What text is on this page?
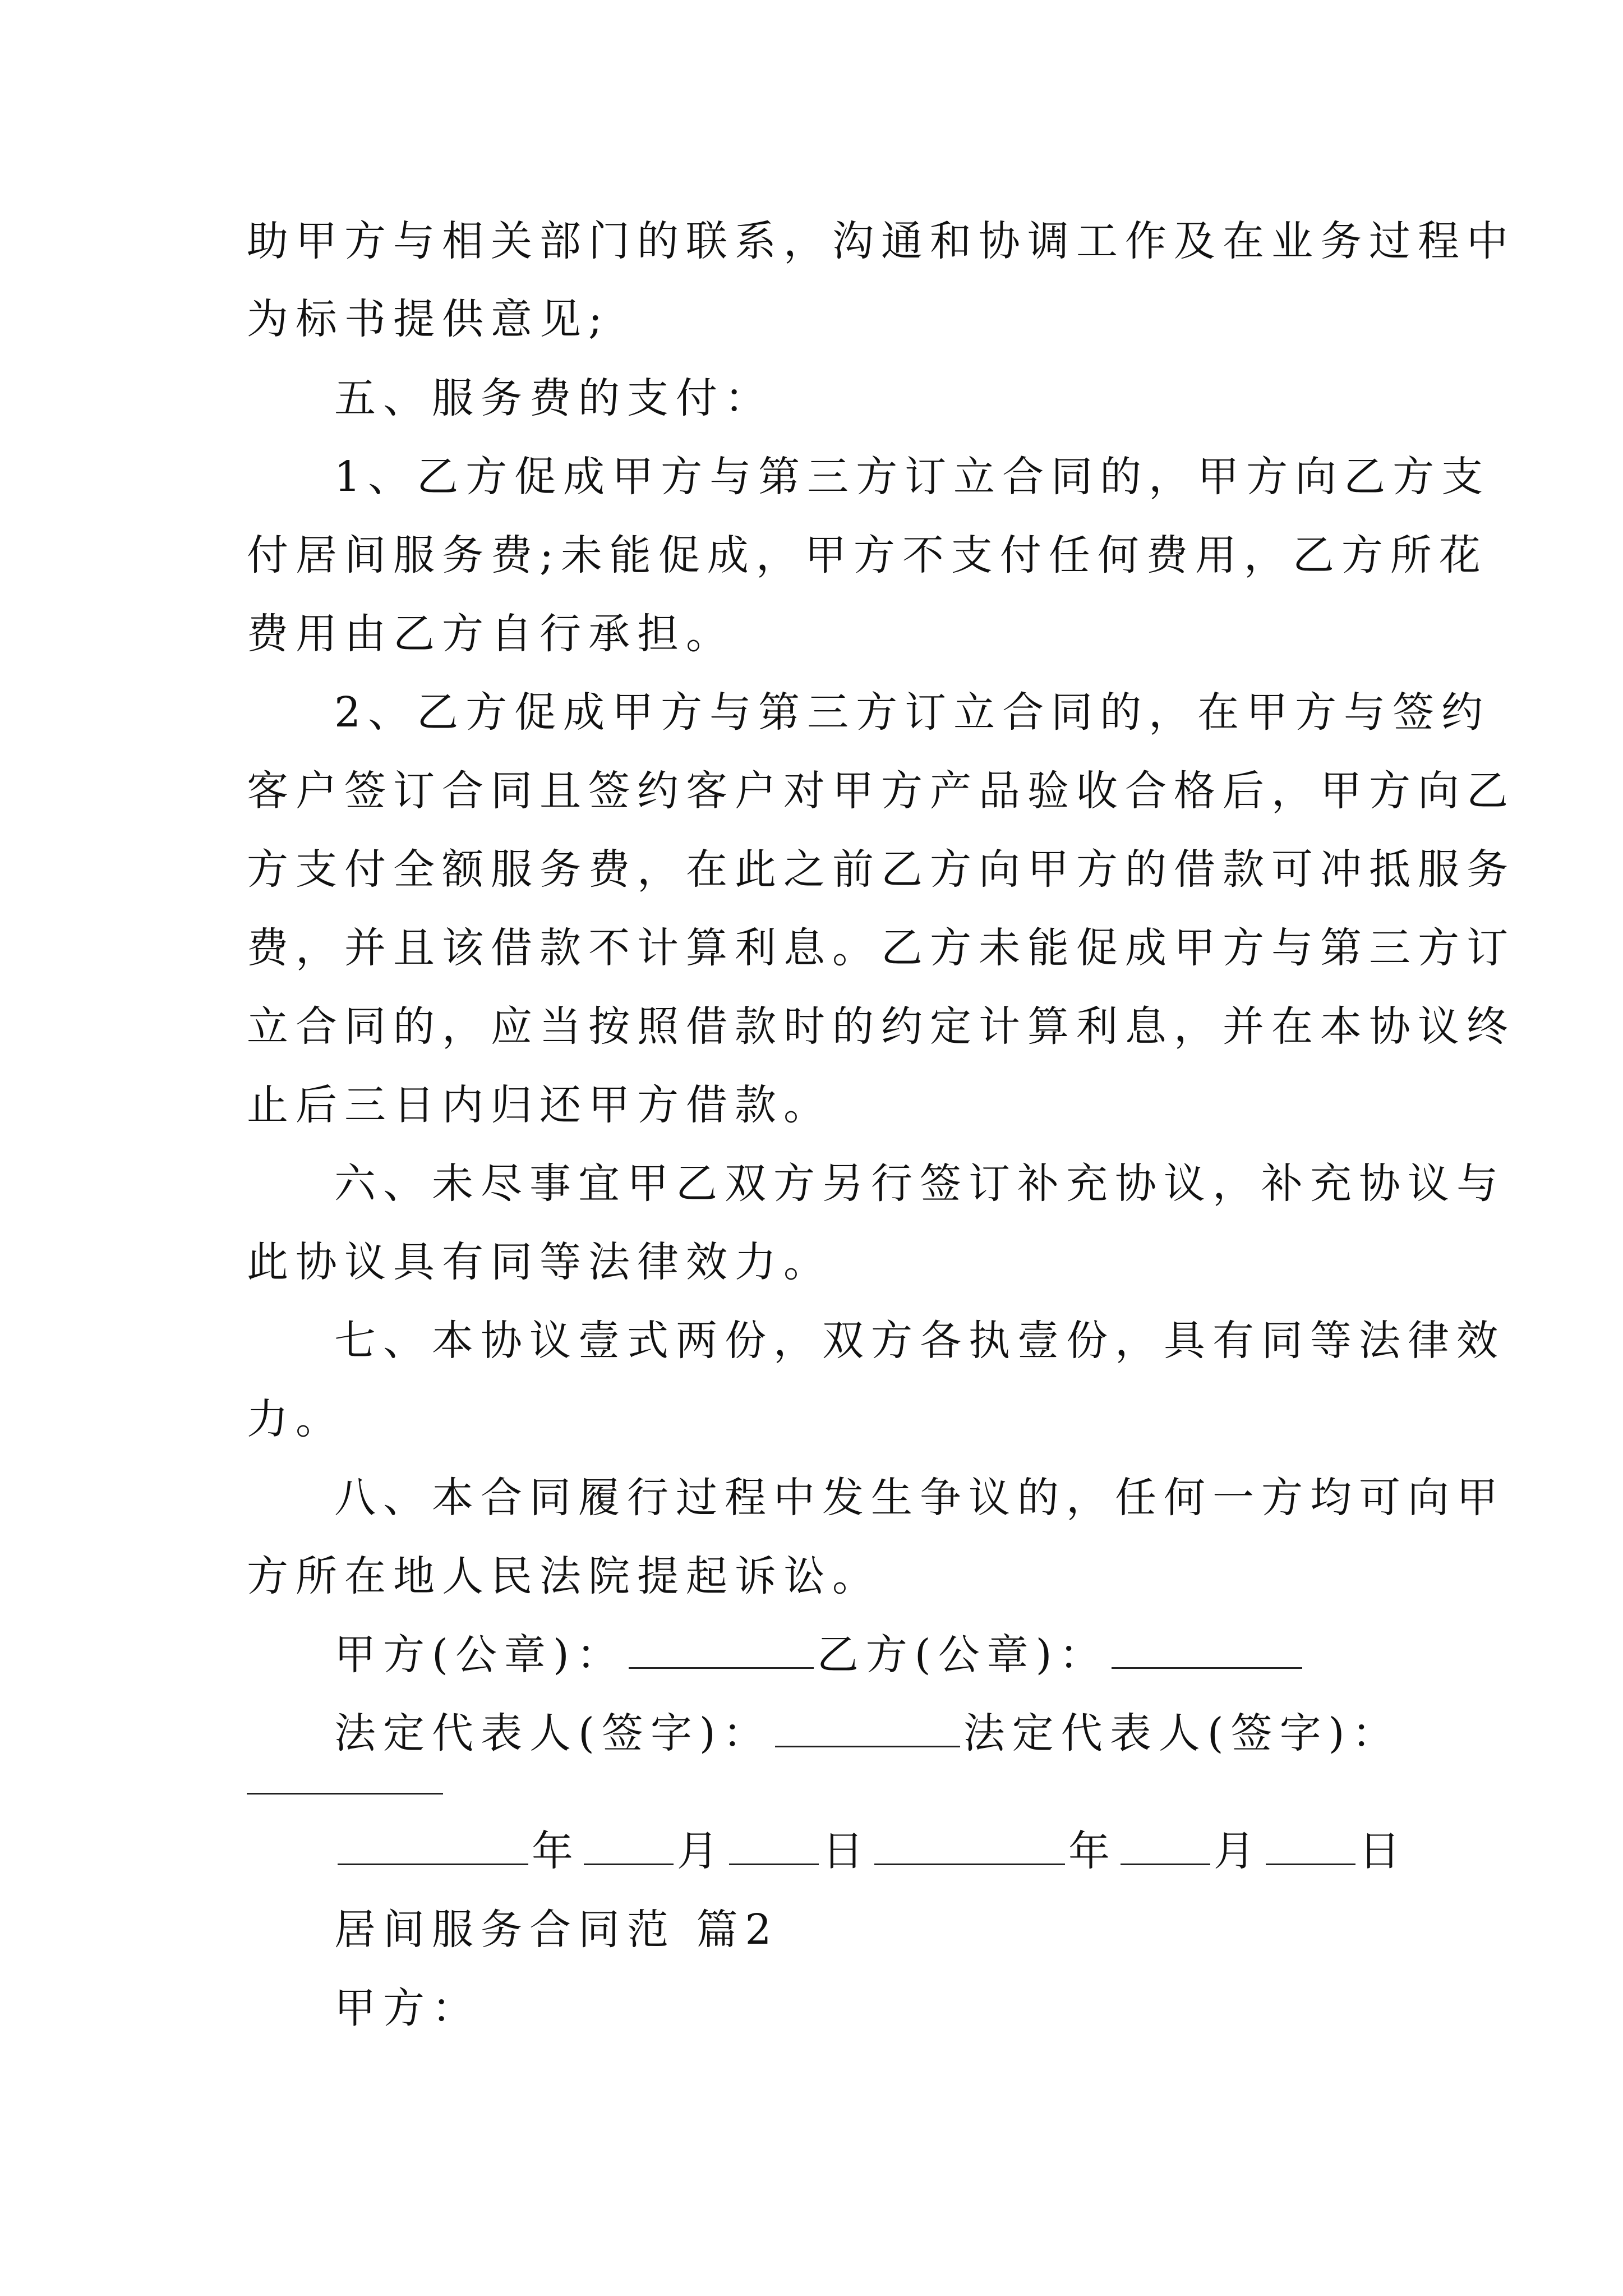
助甲方与相关部门的联系，沟通和协调工作及在业务过程中
为标书提供意见;
五、服务费的支付：
1、乙方促成甲方与第三方订立合同的，甲方向乙方支
付居间服务费;未能促成，甲方不支付任何费用，乙方所花
费用由乙方自行承担。
2、乙方促成甲方与第三方订立合同的，在甲方与签约
客户签订合同且签约客户对甲方产品验收合格后，甲方向乙
方支付全额服务费，在此之前乙方向甲方的借款可冲抵服务
费，并且该借款不计算利息。乙方未能促成甲方与第三方订
立合同的，应当按照借款时的约定计算利息，并在本协议终
止后三日内归还甲方借款。
六、未尽事宜甲乙双方另行签订补充协议，补充协议与
此协议具有同等法律效力。
七、本协议壹式两份，双方各执壹份，具有同等法律效
力。
八、本合同履行过程中发生争议的，任何一方均可向甲
方所在地人民法院提起诉讼。
甲方(公章)：	乙方(公章)：
法定代表人(签字)：	法定代表人(签字)：
年 月 日	年 月 日
居间服务合同范 篇2
甲方：
